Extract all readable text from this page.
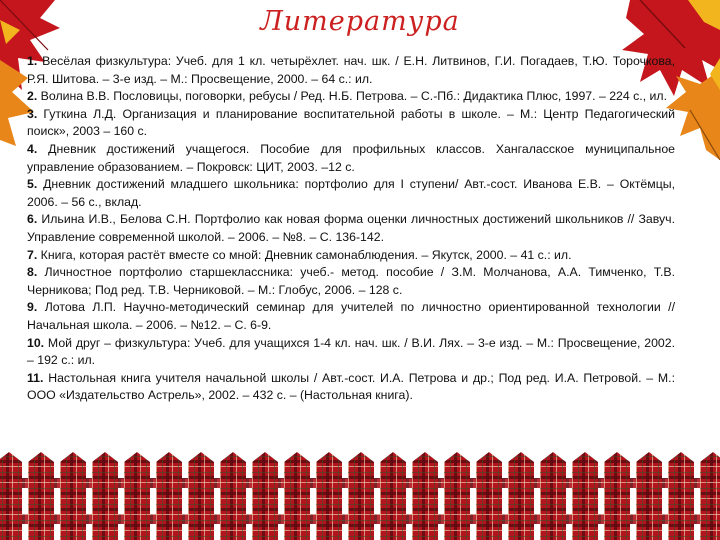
Литература
1. Весёлая физкультура: Учеб. для 1 кл. четырёхлет. нач. шк. / Е.Н. Литвинов, Г.И. Погадаев, Т.Ю. Торочкова, Р.Я. Шитова. – 3-е изд. – М.: Просвещение, 2000. – 64 с.: ил.
2. Волина В.В. Пословицы, поговорки, ребусы / Ред. Н.Б. Петрова. – С.-Пб.: Дидактика Плюс, 1997. – 224 с., ил.
3. Гуткина Л.Д. Организация и планирование воспитательной работы в школе. – М.: Центр Педагогический поиск», 2003 – 160 с.
4. Дневник достижений учащегося. Пособие для профильных классов. Хангаласское муниципальное управление образованием. – Покровск: ЦИТ, 2003. –12 с.
5. Дневник достижений младшего школьника: портфолио для I ступени/ Авт.-сост. Иванова Е.В. – Октёмцы, 2006. – 56 с., вклад.
6. Ильина И.В., Белова С.Н. Портфолио как новая форма оценки личностных достижений школьников // Завуч. Управление современной школой. – 2006. – №8. – С. 136-142.
7. Книга, которая растёт вместе со мной: Дневник самонаблюдения. – Якутск, 2000. – 41 с.: ил.
8. Личностное портфолио старшеклассника: учеб.- метод. пособие / З.М. Молчанова, А.А. Тимченко, Т.В. Черникова; Под ред. Т.В. Черниковой. – М.: Глобус, 2006. – 128 с.
9. Лотова Л.П. Научно-методический семинар для учителей по личностно ориентированной технологии // Начальная школа. – 2006. – №12. – С. 6-9.
10. Мой друг – физкультура: Учеб. для учащихся 1-4 кл. нач. шк. / В.И. Лях. – 3-е изд. – М.: Просвещение, 2002. – 192 с.: ил.
11. Настольная книга учителя начальной школы / Авт.-сост. И.А. Петрова и др.; Под ред. И.А. Петровой. – М.: ООО «Издательство Астрель», 2002. – 432 с. – (Настольная книга).
